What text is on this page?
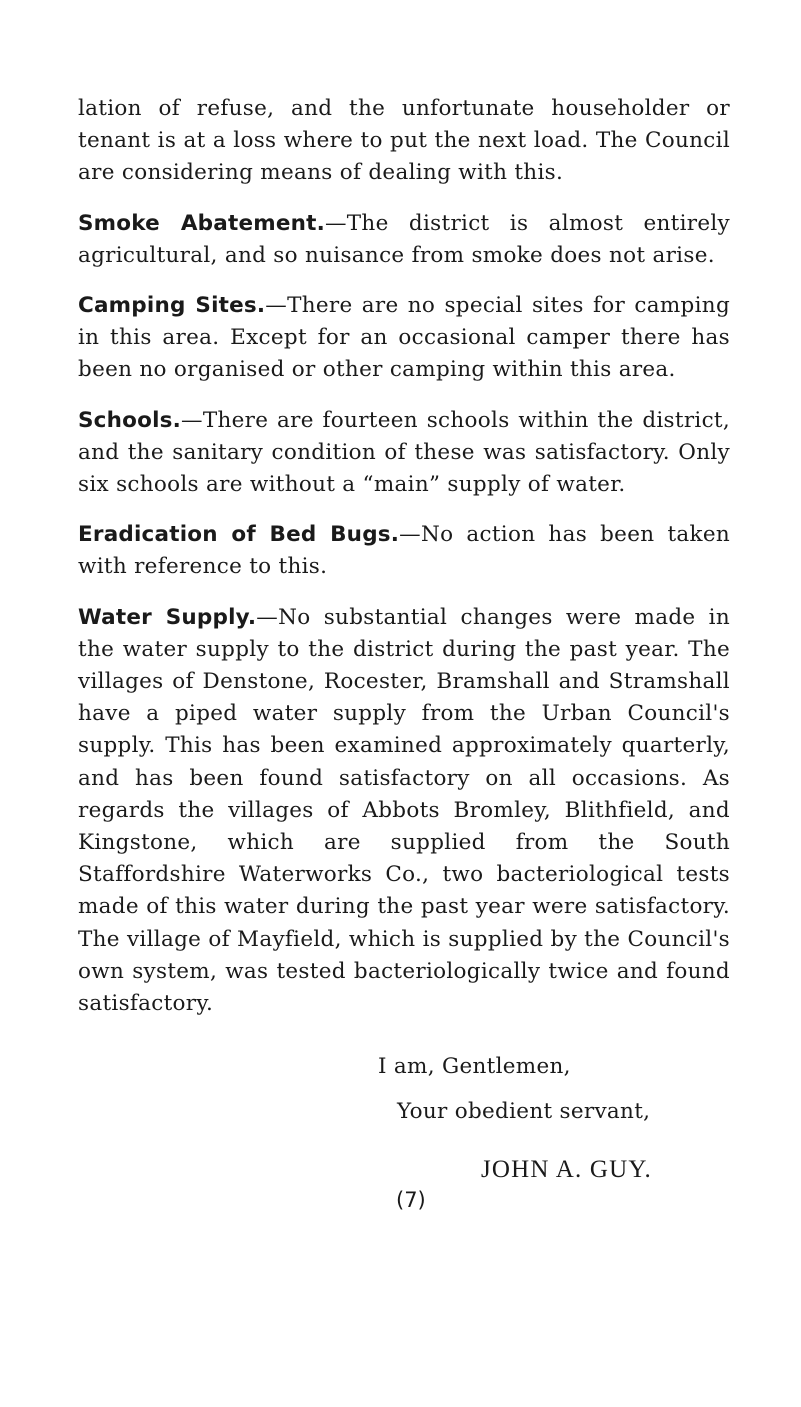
lation of refuse, and the unfortunate householder or tenant is at a loss where to put the next load. The Council are considering means of dealing with this.

Smoke Abatement.—The district is almost entirely agricultural, and so nuisance from smoke does not arise.

Camping Sites.—There are no special sites for camping in this area. Except for an occasional camper there has been no organised or other camping within this area.

Schools.—There are fourteen schools within the district, and the sanitary condition of these was satisfactory. Only six schools are without a “main” supply of water.

Eradication of Bed Bugs.—No action has been taken with reference to this.

Water Supply.—No substantial changes were made in the water supply to the district during the past year. The villages of Denstone, Rocester, Bramshall and Stramshall have a piped water supply from the Urban Council's supply. This has been examined approximately quarterly, and has been found satisfactory on all occasions. As regards the villages of Abbots Bromley, Blithfield, and Kingstone, which are supplied from the South Staffordshire Waterworks Co., two bacteriological tests made of this water during the past year were satisfactory. The village of Mayfield, which is supplied by the Council's own system, was tested bacteriologically twice and found satisfactory.

I am, Gentlemen,
Your obedient servant,
JOHN A. GUY.
(7)
